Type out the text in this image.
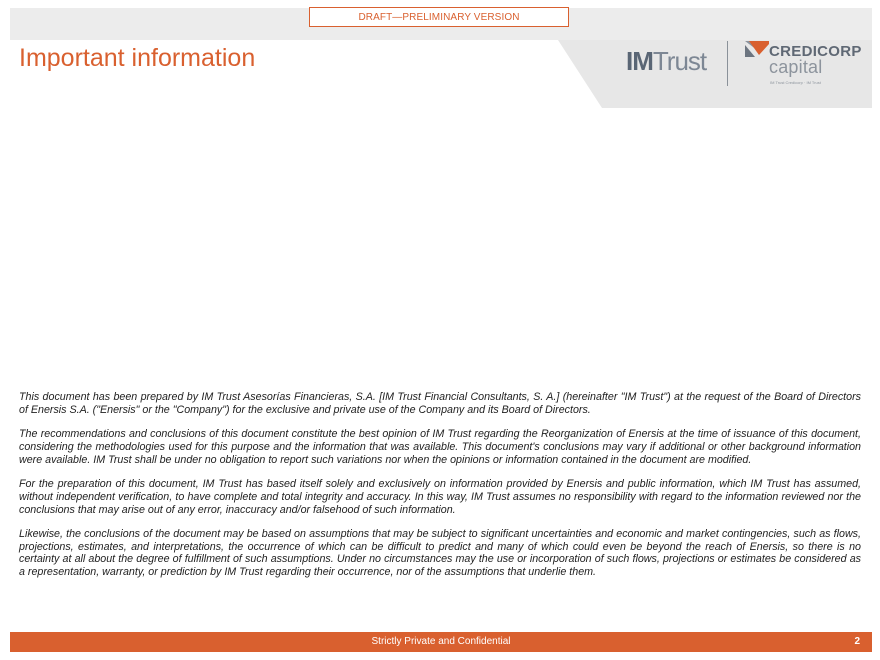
DRAFT—PRELIMINARY VERSION
Important information	IMTrust	CREDICORP
capital
IM Trust Credicorp · IM Trust

This document has been prepared by IM Trust Asesorías Financieras, S.A. [IM Trust Financial Consultants, S. A.] (hereinafter "IM Trust") at the request of the Board of Directors of Enersis S.A. ("Enersis" or the "Company") for the exclusive and private use of the Company and its Board of Directors.

The recommendations and conclusions of this document constitute the best opinion of IM Trust regarding the Reorganization of Enersis at the time of issuance of this document, considering the methodologies used for this purpose and the information that was available. This document's conclusions may vary if additional or other background information were available. IM Trust shall be under no obligation to report such variations nor when the opinions or information contained in the document are modified.

For the preparation of this document, IM Trust has based itself solely and exclusively on information provided by Enersis and public information, which IM Trust has assumed, without independent verification, to have complete and total integrity and accuracy. In this way, IM Trust assumes no responsibility with regard to the information reviewed nor the conclusions that may arise out of any error, inaccuracy and/or falsehood of such information.

Likewise, the conclusions of the document may be based on assumptions that may be subject to significant uncertainties and economic and market contingencies, such as flows, projections, estimates, and interpretations, the occurrence of which can be difficult to predict and many of which could even be beyond the reach of Enersis, so there is no certainty at all about the degree of fulfillment of such assumptions. Under no circumstances may the use or incorporation of such flows, projections or estimates be considered as a representation, warranty, or prediction by IM Trust regarding their occurrence, nor of the assumptions that underlie them.

Strictly Private and Confidential	2
